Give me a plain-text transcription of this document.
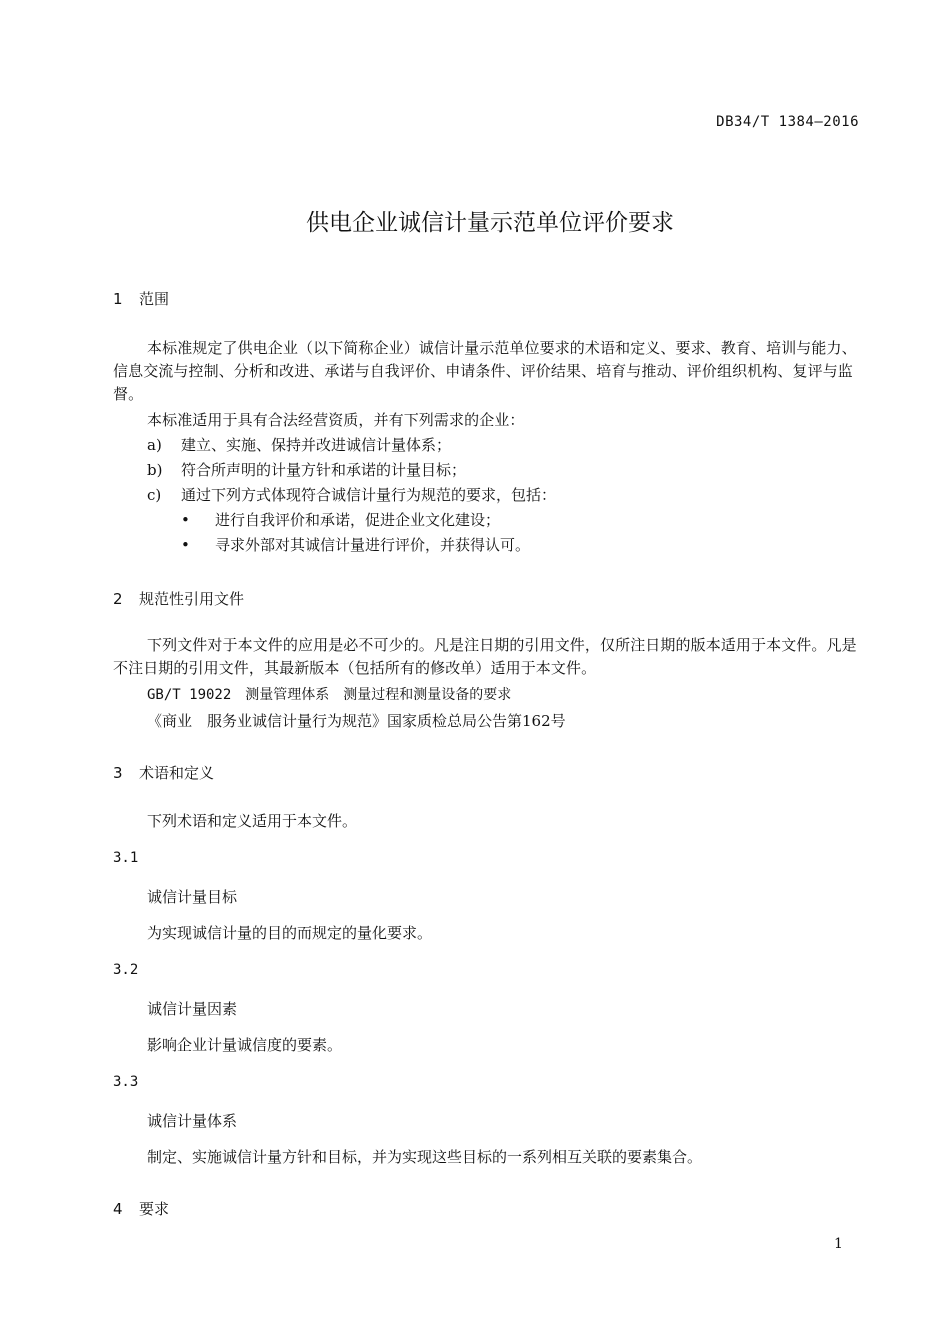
DB34/T 1384—2016
供电企业诚信计量示范单位评价要求
1 范围
本标准规定了供电企业（以下简称企业）诚信计量示范单位要求的术语和定义、要求、教育、培训与能力、信息交流与控制、分析和改进、承诺与自我评价、申请条件、评价结果、培育与推动、评价组织机构、复评与监督。
本标准适用于具有合法经营资质，并有下列需求的企业：
a) 建立、实施、保持并改进诚信计量体系；
b) 符合所声明的计量方针和承诺的计量目标；
c) 通过下列方式体现符合诚信计量行为规范的要求，包括：
• 进行自我评价和承诺，促进企业文化建设；
• 寻求外部对其诚信计量进行评价，并获得认可。
2 规范性引用文件
下列文件对于本文件的应用是必不可少的。凡是注日期的引用文件，仅所注日期的版本适用于本文件。凡是不注日期的引用文件，其最新版本（包括所有的修改单）适用于本文件。
GB/T 19022　测量管理体系　测量过程和测量设备的要求
《商业　服务业诚信计量行为规范》国家质检总局公告第162号
3 术语和定义
下列术语和定义适用于本文件。
3.1
诚信计量目标
为实现诚信计量的目的而规定的量化要求。
3.2
诚信计量因素
影响企业计量诚信度的要素。
3.3
诚信计量体系
制定、实施诚信计量方针和目标，并为实现这些目标的一系列相互关联的要素集合。
4 要求
1
